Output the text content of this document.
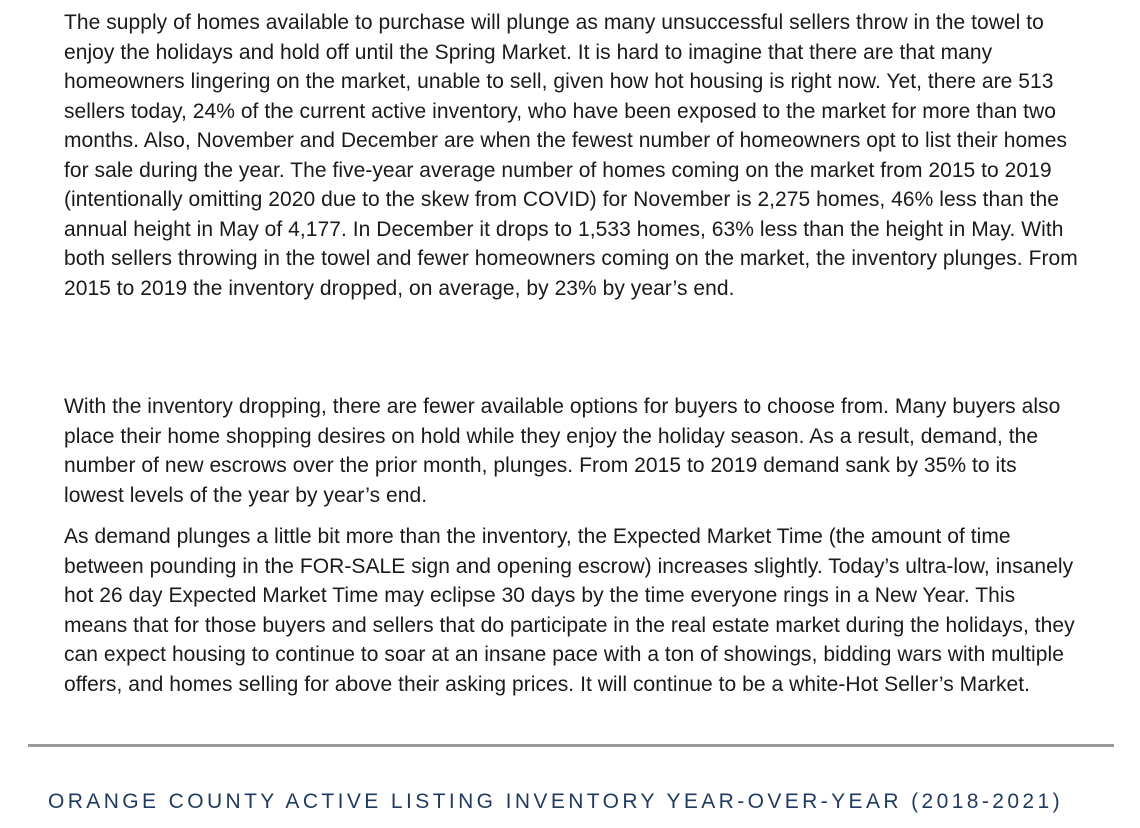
The supply of homes available to purchase will plunge as many unsuccessful sellers throw in the towel to enjoy the holidays and hold off until the Spring Market. It is hard to imagine that there are that many homeowners lingering on the market, unable to sell, given how hot housing is right now. Yet, there are 513 sellers today, 24% of the current active inventory, who have been exposed to the market for more than two months. Also, November and December are when the fewest number of homeowners opt to list their homes for sale during the year. The five-year average number of homes coming on the market from 2015 to 2019 (intentionally omitting 2020 due to the skew from COVID) for November is 2,275 homes, 46% less than the annual height in May of 4,177. In December it drops to 1,533 homes, 63% less than the height in May. With both sellers throwing in the towel and fewer homeowners coming on the market, the inventory plunges. From 2015 to 2019 the inventory dropped, on average, by 23% by year’s end.

With the inventory dropping, there are fewer available options for buyers to choose from. Many buyers also place their home shopping desires on hold while they enjoy the holiday season. As a result, demand, the number of new escrows over the prior month, plunges. From 2015 to 2019 demand sank by 35% to its lowest levels of the year by year’s end.

As demand plunges a little bit more than the inventory, the Expected Market Time (the amount of time between pounding in the FOR-SALE sign and opening escrow) increases slightly. Today’s ultra-low, insanely hot 26 day Expected Market Time may eclipse 30 days by the time everyone rings in a New Year. This means that for those buyers and sellers that do participate in the real estate market during the holidays, they can expect housing to continue to soar at an insane pace with a ton of showings, bidding wars with multiple offers, and homes selling for above their asking prices. It will continue to be a white-Hot Seller’s Market.

ORANGE COUNTY ACTIVE LISTING INVENTORY YEAR-OVER-YEAR (2018-2021)
